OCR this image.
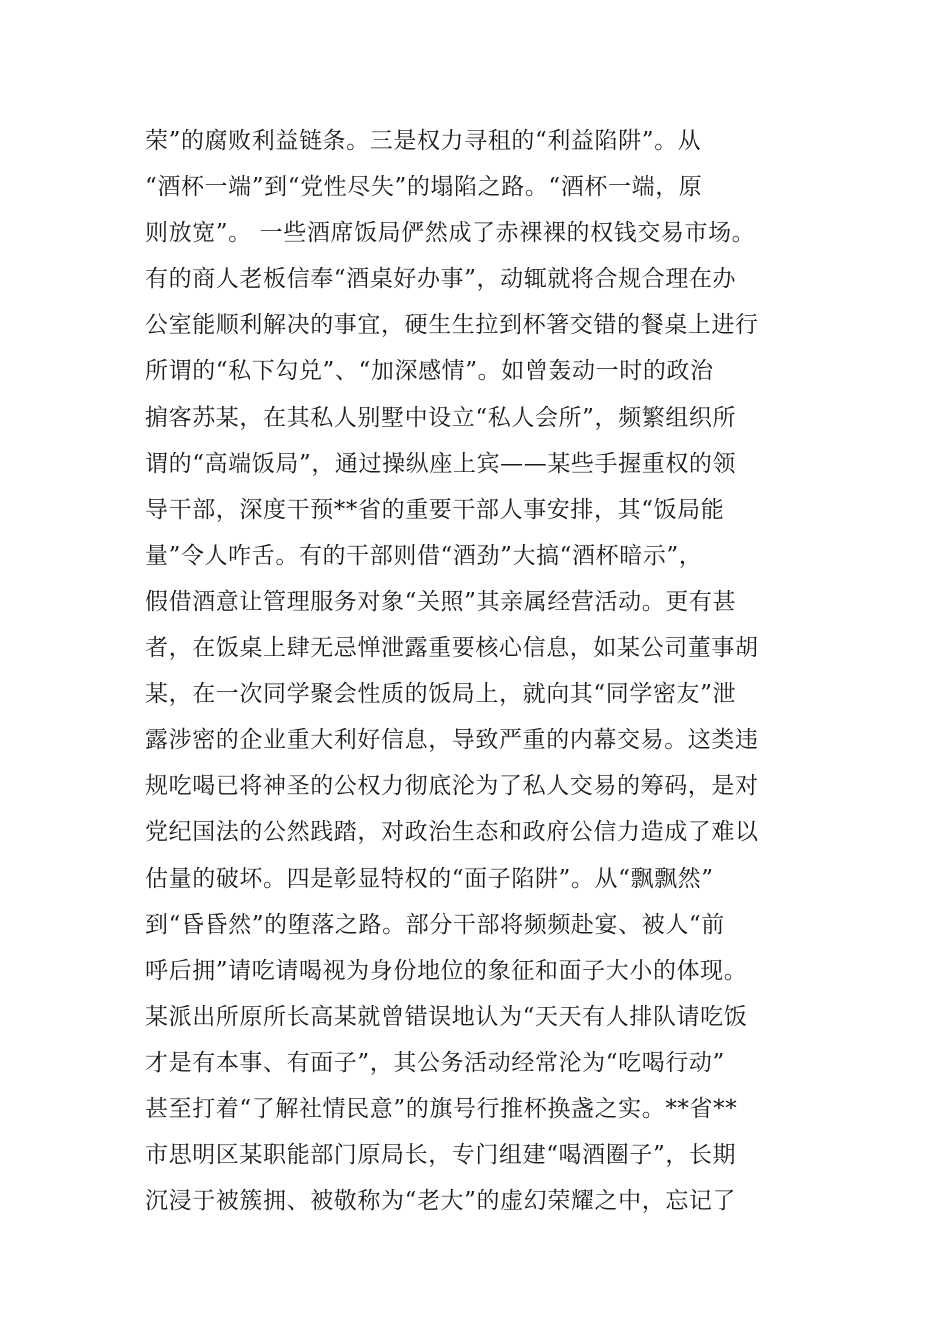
荣”的腐败利益链条。三是权力寻租的“利益陷阱”。从
“酒杯一端”到“党性尽失”的塌陷之路。“酒杯一端，原
则放宽”。 一些酒席饭局俨然成了赤裸裸的权钱交易市场。
有的商人老板信奉“酒桌好办事”，动辄就将合规合理在办
公室能顺利解决的事宜，硬生生拉到杯箸交错的餐桌上进行
所谓的“私下勾兑”、“加深感情”。如曾轰动一时的政治
掮客苏某，在其私人别墅中设立“私人会所”，频繁组织所
谓的“高端饭局”，通过操纵座上宾——某些手握重权的领
导干部，深度干预**省的重要干部人事安排，其“饭局能
量”令人咋舌。有的干部则借“酒劲”大搞“酒杯暗示”，
假借酒意让管理服务对象“关照”其亲属经营活动。更有甚
者，在饭桌上肆无忌惮泄露重要核心信息，如某公司董事胡
某，在一次同学聚会性质的饭局上，就向其“同学密友”泄
露涉密的企业重大利好信息，导致严重的内幕交易。这类违
规吃喝已将神圣的公权力彻底沦为了私人交易的筹码，是对
党纪国法的公然践踏，对政治生态和政府公信力造成了难以
估量的破坏。四是彰显特权的“面子陷阱”。从“飘飘然”
到“昏昏然”的堕落之路。部分干部将频频赴宴、被人“前
呼后拥”请吃请喝视为身份地位的象征和面子大小的体现。
某派出所原所长高某就曾错误地认为“天天有人排队请吃饭
才是有本事、有面子”，其公务活动经常沦为“吃喝行动”
甚至打着“了解社情民意”的旗号行推杯换盏之实。**省**
市思明区某职能部门原局长，专门组建“喝酒圈子”，长期
沉浸于被簇拥、被敬称为“老大”的虚幻荣耀之中，忘记了
